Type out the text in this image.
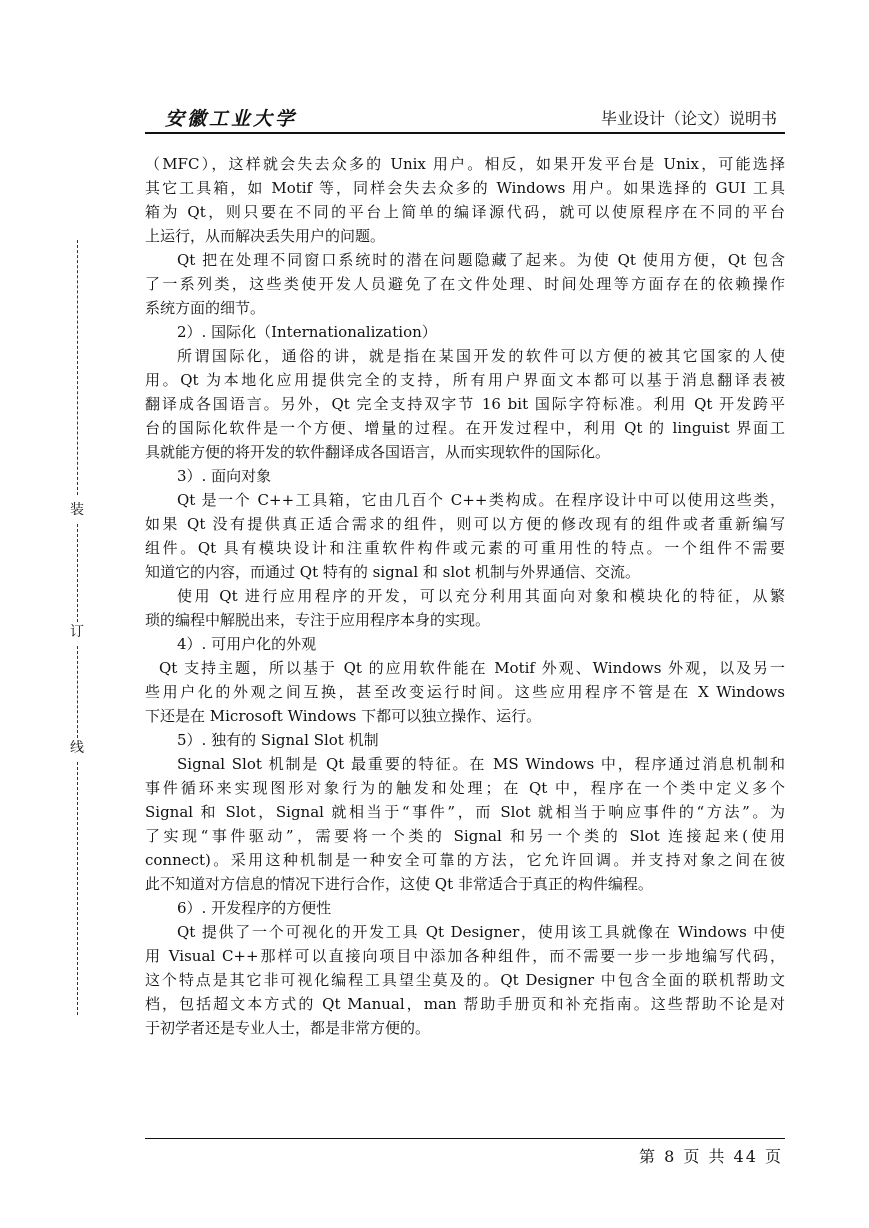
安徽工业大学	毕业设计（论文）说明书
装
订
线
（MFC），这样就会失去众多的 Unix 用户。相反，如果开发平台是 Unix，可能选择
其它工具箱，如 Motif 等，同样会失去众多的 Windows 用户。如果选择的 GUI 工具
箱为 Qt，则只要在不同的平台上简单的编译源代码，就可以使原程序在不同的平台
上运行，从而解决丢失用户的问题。
Qt 把在处理不同窗口系统时的潜在问题隐藏了起来。为使 Qt 使用方便，Qt 包含
了一系列类，这些类使开发人员避免了在文件处理、时间处理等方面存在的依赖操作
系统方面的细节。
2）. 国际化（Internationalization）
所谓国际化，通俗的讲，就是指在某国开发的软件可以方便的被其它国家的人使
用。Qt 为本地化应用提供完全的支持，所有用户界面文本都可以基于消息翻译表被
翻译成各国语言。另外，Qt 完全支持双字节 16 bit 国际字符标准。利用 Qt 开发跨平
台的国际化软件是一个方便、增量的过程。在开发过程中，利用 Qt 的 linguist 界面工
具就能方便的将开发的软件翻译成各国语言，从而实现软件的国际化。
3）. 面向对象
Qt 是一个 C++工具箱，它由几百个 C++类构成。在程序设计中可以使用这些类，
如果 Qt 没有提供真正适合需求的组件，则可以方便的修改现有的组件或者重新编写
组件。Qt 具有模块设计和注重软件构件或元素的可重用性的特点。一个组件不需要
知道它的内容，而通过 Qt 特有的 signal 和 slot 机制与外界通信、交流。
使用 Qt 进行应用程序的开发，可以充分利用其面向对象和模块化的特征，从繁
琐的编程中解脱出来，专注于应用程序本身的实现。
4）. 可用户化的外观
Qt 支持主题，所以基于 Qt 的应用软件能在 Motif 外观、Windows 外观，以及另一
些用户化的外观之间互换，甚至改变运行时间。这些应用程序不管是在 X Windows
下还是在 Microsoft Windows 下都可以独立操作、运行。
5）. 独有的 Signal Slot 机制
Signal Slot 机制是 Qt 最重要的特征。在 MS Windows 中，程序通过消息机制和
事件循环来实现图形对象行为的触发和处理；在 Qt 中，程序在一个类中定义多个
Signal 和 Slot，Signal 就相当于“事件”，而 Slot 就相当于响应事件的“方法”。为
了实现“事件驱动”，需要将一个类的 Signal 和另一个类的 Slot 连接起来(使用
connect)。采用这种机制是一种安全可靠的方法，它允许回调。并支持对象之间在彼
此不知道对方信息的情况下进行合作，这使 Qt 非常适合于真正的构件编程。
6）. 开发程序的方便性
Qt 提供了一个可视化的开发工具 Qt Designer，使用该工具就像在 Windows 中使
用 Visual C++那样可以直接向项目中添加各种组件，而不需要一步一步地编写代码，
这个特点是其它非可视化编程工具望尘莫及的。Qt Designer 中包含全面的联机帮助文
档，包括超文本方式的 Qt Manual，man 帮助手册页和补充指南。这些帮助不论是对
于初学者还是专业人士，都是非常方便的。
第 8 页 共 44 页
